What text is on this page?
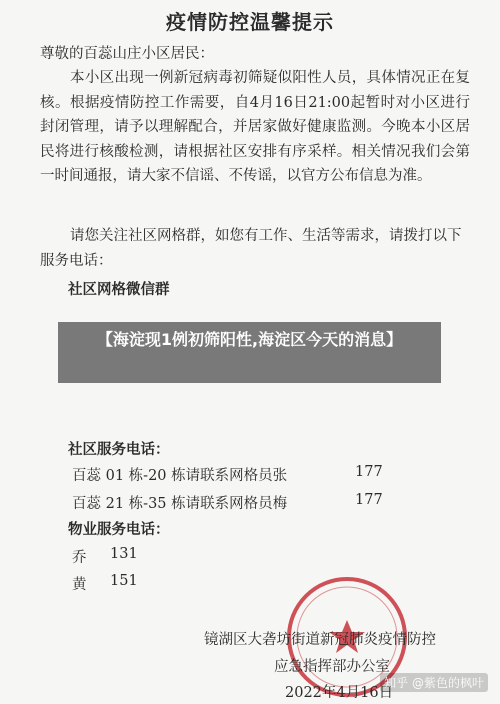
疫情防控温馨提示
尊敬的百蕊山庄小区居民：
本小区出现一例新冠病毒初筛疑似阳性人员，具体情况正在复核。根据疫情防控工作需要，自4月16日21:00起暂时对小区进行封闭管理，请予以理解配合，并居家做好健康监测。今晚本小区居民将进行核酸检测，请根据社区安排有序采样。相关情况我们会第一时间通报，请大家不信谣、不传谣，以官方公布信息为准。
请您关注社区网格群，如您有工作、生活等需求，请拨打以下服务电话：
社区网格微信群
社区服务电话：
百蕊 01 栋-20 栋请联系网格员张	177
百蕊 21 栋-35 栋请联系网格员梅	177
物业服务电话：
乔 131
黄 151
镜湖区大砻坊街道新冠肺炎疫情防控
应急指挥部办公室
2022年4月16日
【海淀现1例初筛阳性,海淀区今天的消息】
知乎 @紫色的枫叶
